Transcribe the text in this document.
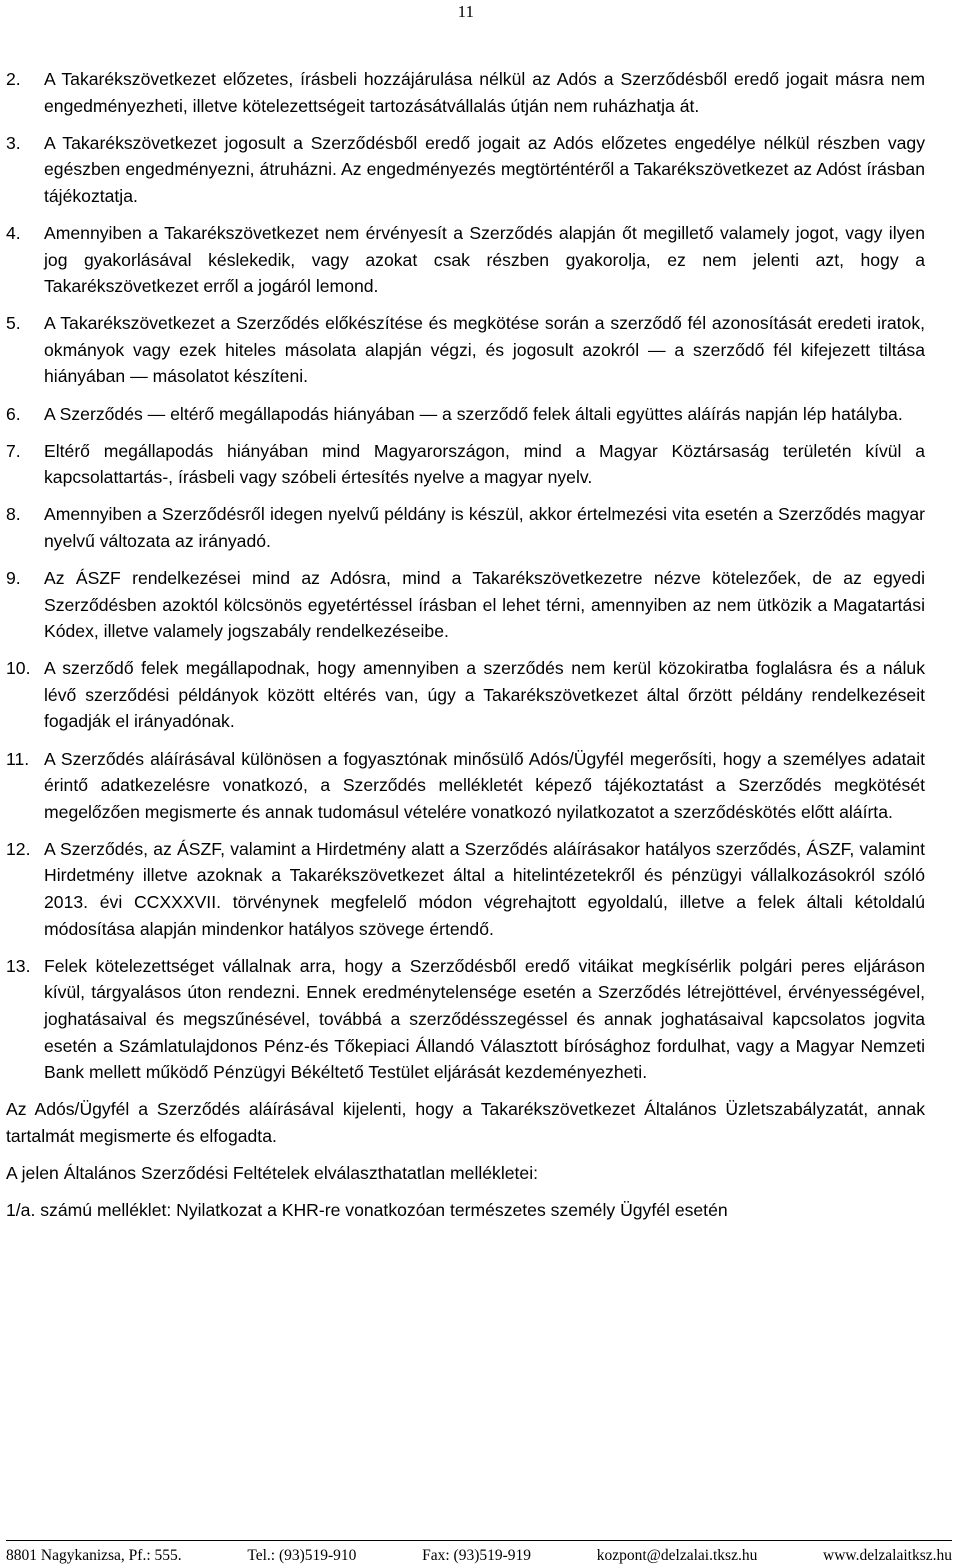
11
2. A Takarékszövetkezet előzetes, írásbeli hozzájárulása nélkül az Adós a Szerződésből eredő jogait másra nem engedményezheti, illetve kötelezettségeit tartozásátvállalás útján nem ruházhatja át.
3. A Takarékszövetkezet jogosult a Szerződésből eredő jogait az Adós előzetes engedélye nélkül részben vagy egészben engedményezni, átruházni. Az engedményezés megtörténtéről a Takarékszövetkezet az Adóst írásban tájékoztatja.
4. Amennyiben a Takarékszövetkezet nem érvényesít a Szerződés alapján őt megillető valamely jogot, vagy ilyen jog gyakorlásával késlekedik, vagy azokat csak részben gyakorolja, ez nem jelenti azt, hogy a Takarékszövetkezet erről a jogáról lemond.
5. A Takarékszövetkezet a Szerződés előkészítése és megkötése során a szerződő fél azonosítását eredeti iratok, okmányok vagy ezek hiteles másolata alapján végzi, és jogosult azokról — a szerződő fél kifejezett tiltása hiányában — másolatot készíteni.
6. A Szerződés — eltérő megállapodás hiányában — a szerződő felek általi együttes aláírás napján lép hatályba.
7. Eltérő megállapodás hiányában mind Magyarországon, mind a Magyar Köztársaság területén kívül a kapcsolattartás-, írásbeli vagy szóbeli értesítés nyelve a magyar nyelv.
8. Amennyiben a Szerződésről idegen nyelvű példány is készül, akkor értelmezési vita esetén a Szerződés magyar nyelvű változata az irányadó.
9. Az ÁSZF rendelkezései mind az Adósra, mind a Takarékszövetkezetre nézve kötelezőek, de az egyedi Szerződésben azoktól kölcsönös egyetértéssel írásban el lehet térni, amennyiben az nem ütközik a Magatartási Kódex, illetve valamely jogszabály rendelkezéseibe.
10. A szerződő felek megállapodnak, hogy amennyiben a szerződés nem kerül közokiratba foglalásra és a náluk lévő szerződési példányok között eltérés van, úgy a Takarékszövetkezet által őrzött példány rendelkezéseit fogadják el irányadónak.
11. A Szerződés aláírásával különösen a fogyasztónak minősülő Adós/Ügyfél megerősíti, hogy a személyes adatait érintő adatkezelésre vonatkozó, a Szerződés mellékletét képező tájékoztatást a Szerződés megkötését megelőzően megismerte és annak tudomásul vételére vonatkozó nyilatkozatot a szerződéskötés előtt aláírta.
12. A Szerződés, az ÁSZF, valamint a Hirdetmény alatt a Szerződés aláírásakor hatályos szerződés, ÁSZF, valamint Hirdetmény illetve azoknak a Takarékszövetkezet által a hitelintézetekről és pénzügyi vállalkozásokról szóló 2013. évi CCXXXVII. törvénynek megfelelő módon végrehajtott egyoldalú, illetve a felek általi kétoldalú módosítása alapján mindenkor hatályos szövege értendő.
13. Felek kötelezettséget vállalnak arra, hogy a Szerződésből eredő vitáikat megkísérlik polgári peres eljáráson kívül, tárgyalásos úton rendezni. Ennek eredménytelensége esetén a Szerződés létrejöttével, érvényességével, joghatásaival és megszűnésével, továbbá a szerződésszegéssel és annak joghatásaival kapcsolatos jogvita esetén a Számlatulajdonos Pénz-és Tőkepiaci Állandó Választott bírósághoz fordulhat, vagy a Magyar Nemzeti Bank mellett működő Pénzügyi Békéltető Testület eljárását kezdeményezheti.

Az Adós/Ügyfél a Szerződés aláírásával kijelenti, hogy a Takarékszövetkezet Általános Üzletszabályzatát, annak tartalmát megismerte és elfogadta.

A jelen Általános Szerződési Feltételek elválaszthatatlan mellékletei:

1/a. számú melléklet: Nyilatkozat a KHR-re vonatkozóan természetes személy Ügyfél esetén

8801 Nagykanizsa, Pf.: 555.	Tel.: (93)519-910	Fax: (93)519-919	kozpont@delzalai.tksz.hu	www.delzalaitksz.hu
